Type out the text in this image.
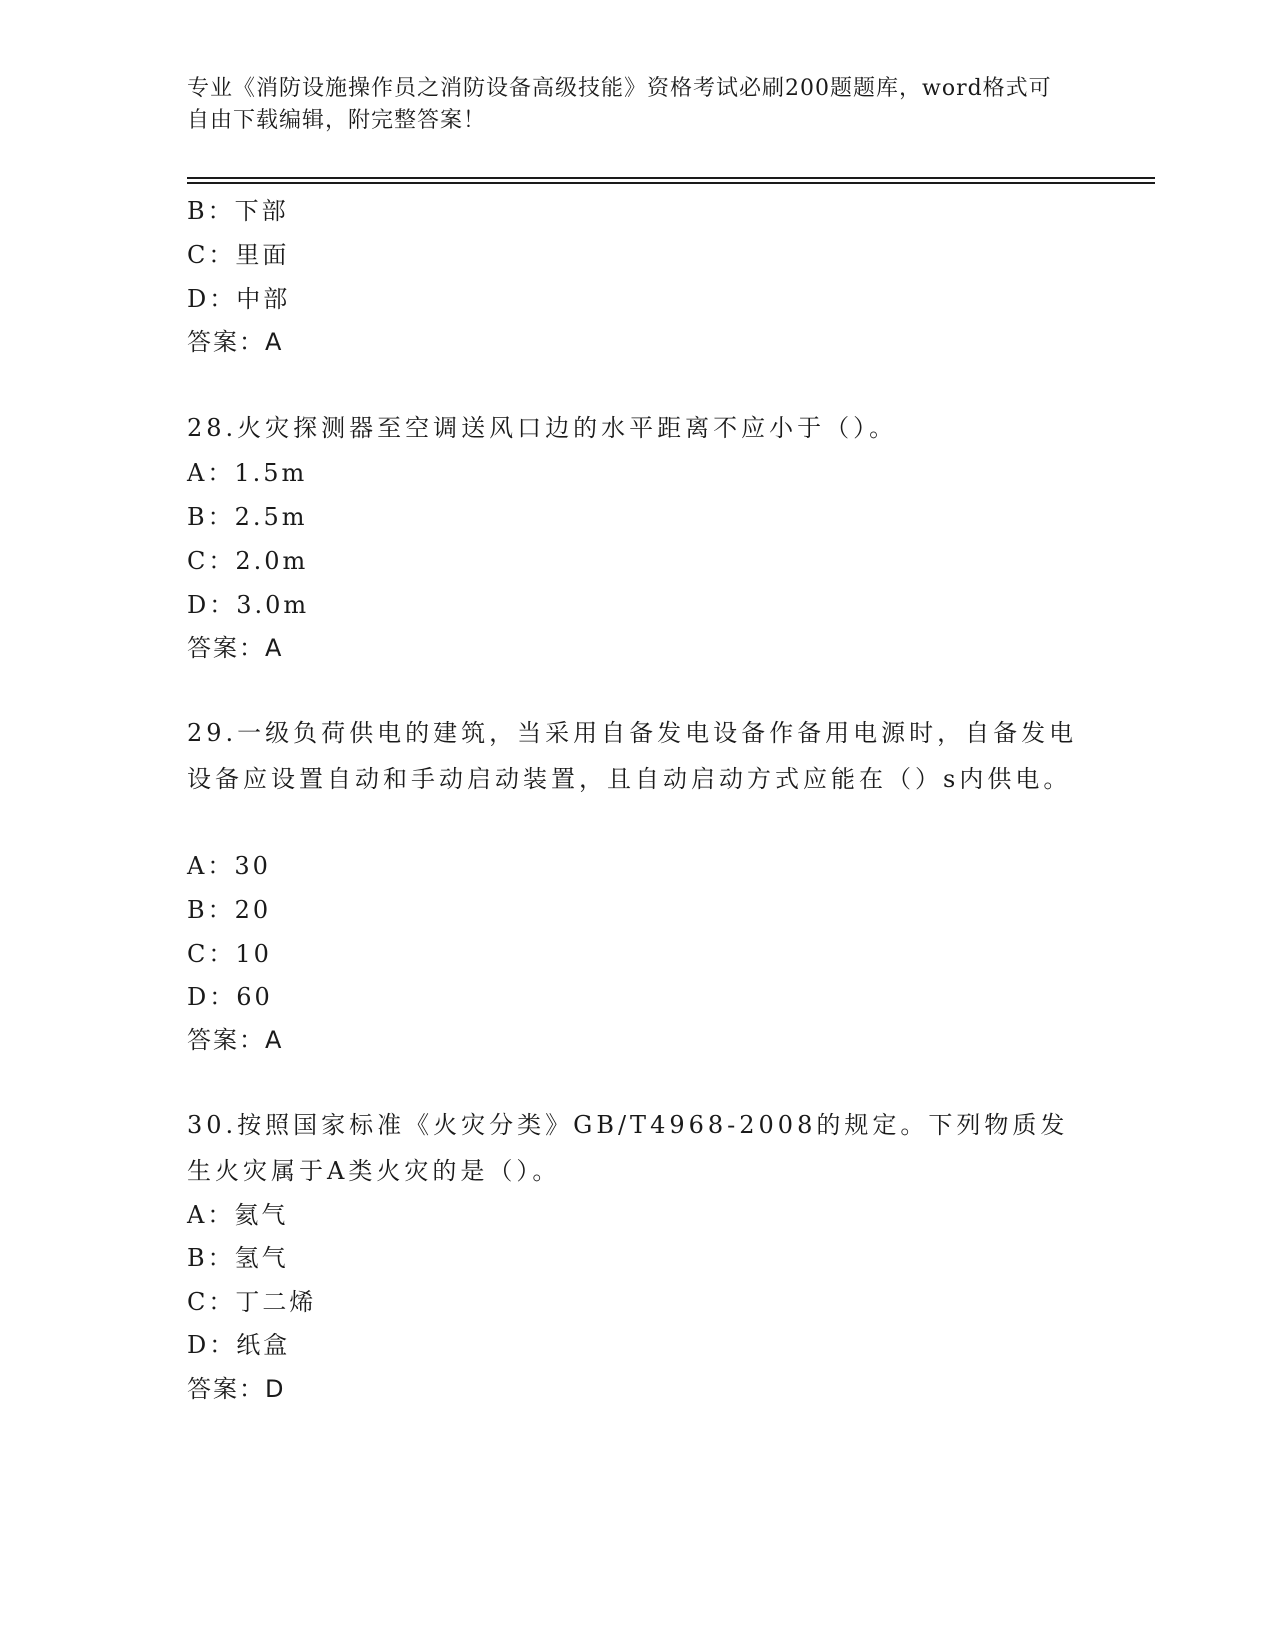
专业《消防设施操作员之消防设备高级技能》资格考试必刷200题题库，word格式可自由下载编辑，附完整答案！
B：下部
C：里面
D：中部
答案：A
28.火灾探测器至空调送风口边的水平距离不应小于（）。
A：1.5m
B：2.5m
C：2.0m
D：3.0m
答案：A
29.一级负荷供电的建筑，当采用自备发电设备作备用电源时，自备发电设备应设置自动和手动启动装置，且自动启动方式应能在（）s内供电。
A：30
B：20
C：10
D：60
答案：A
30.按照国家标准《火灾分类》GB/T4968-2008的规定。下列物质发生火灾属于A类火灾的是（）。
A：氦气
B：氢气
C：丁二烯
D：纸盒
答案：D
